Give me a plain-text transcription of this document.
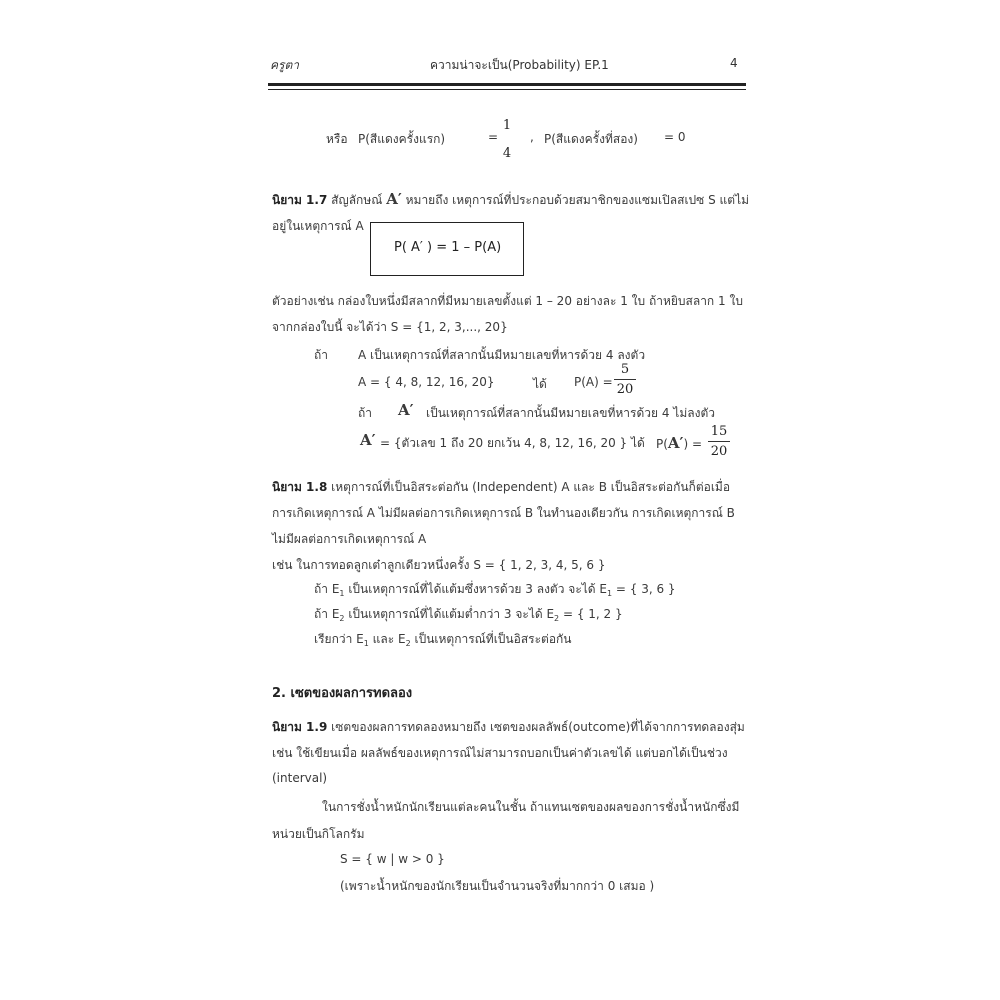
ครูตา	ความน่าจะเป็น(Probability) EP.1	4
หรือ P(สีแดงครั้งแรก)	=
1
4
, P(สีแดงครั้งที่สอง) = 0
นิยาม 1.7 สัญลักษณ์ A′ หมายถึง เหตุการณ์ที่ประกอบด้วยสมาชิกของแซมเปิลสเปซ S แต่ไม่
อยู่ในเหตุการณ์ A
P( A′ ) = 1 – P(A)
ตัวอย่างเช่น กล่องใบหนึ่งมีสลากที่มีหมายเลขตั้งแต่ 1 – 20 อย่างละ 1 ใบ ถ้าหยิบสลาก 1 ใบ
จากกล่องใบนี้ จะได้ว่า S = {1, 2, 3,..., 20}
ถ้า A เป็นเหตุการณ์ที่สลากนั้นมีหมายเลขที่หารด้วย 4 ลงตัว
A = { 4, 8, 12, 16, 20}	ได้ P(A) =
5
20
ถ้า A′ เป็นเหตุการณ์ที่สลากนั้นมีหมายเลขที่หารด้วย 4 ไม่ลงตัว
A′ = {ตัวเลข 1 ถึง 20 ยกเว้น 4, 8, 12, 16, 20 } ได้ P(A′) =
15
20
นิยาม 1.8 เหตุการณ์ที่เป็นอิสระต่อกัน (Independent) A และ B เป็นอิสระต่อกันก็ต่อเมื่อ
การเกิดเหตุการณ์ A ไม่มีผลต่อการเกิดเหตุการณ์ B ในทำนองเดียวกัน การเกิดเหตุการณ์ B
ไม่มีผลต่อการเกิดเหตุการณ์ A
เช่น ในการทอดลูกเต๋าลูกเดียวหนึ่งครั้ง S = { 1, 2, 3, 4, 5, 6 }
ถ้า $E_1$ เป็นเหตุการณ์ที่ได้แต้มซึ่งหารด้วย 3 ลงตัว จะได้ $E_1$ = { 3, 6 }
ถ้า $E_2$ เป็นเหตุการณ์ที่ได้แต้มต่ำกว่า 3 จะได้ $E_2$ = { 1, 2 }
เรียกว่า $E_1$ และ $E_2$ เป็นเหตุการณ์ที่เป็นอิสระต่อกัน
2. เซตของผลการทดลอง
นิยาม 1.9 เซตของผลการทดลองหมายถึง เซตของผลลัพธ์(outcome)ที่ได้จากการทดลองสุ่ม
เช่น ใช้เขียนเมื่อ ผลลัพธ์ของเหตุการณ์ไม่สามารถบอกเป็นค่าตัวเลขได้ แต่บอกได้เป็นช่วง
(interval)
ในการชั่งน้ำหนักนักเรียนแต่ละคนในชั้น ถ้าแทนเซตของผลของการชั่งน้ำหนักซึ่งมี
หน่วยเป็นกิโลกรัม
S = { w | w > 0 }
(เพราะน้ำหนักของนักเรียนเป็นจำนวนจริงที่มากกว่า 0 เสมอ )
